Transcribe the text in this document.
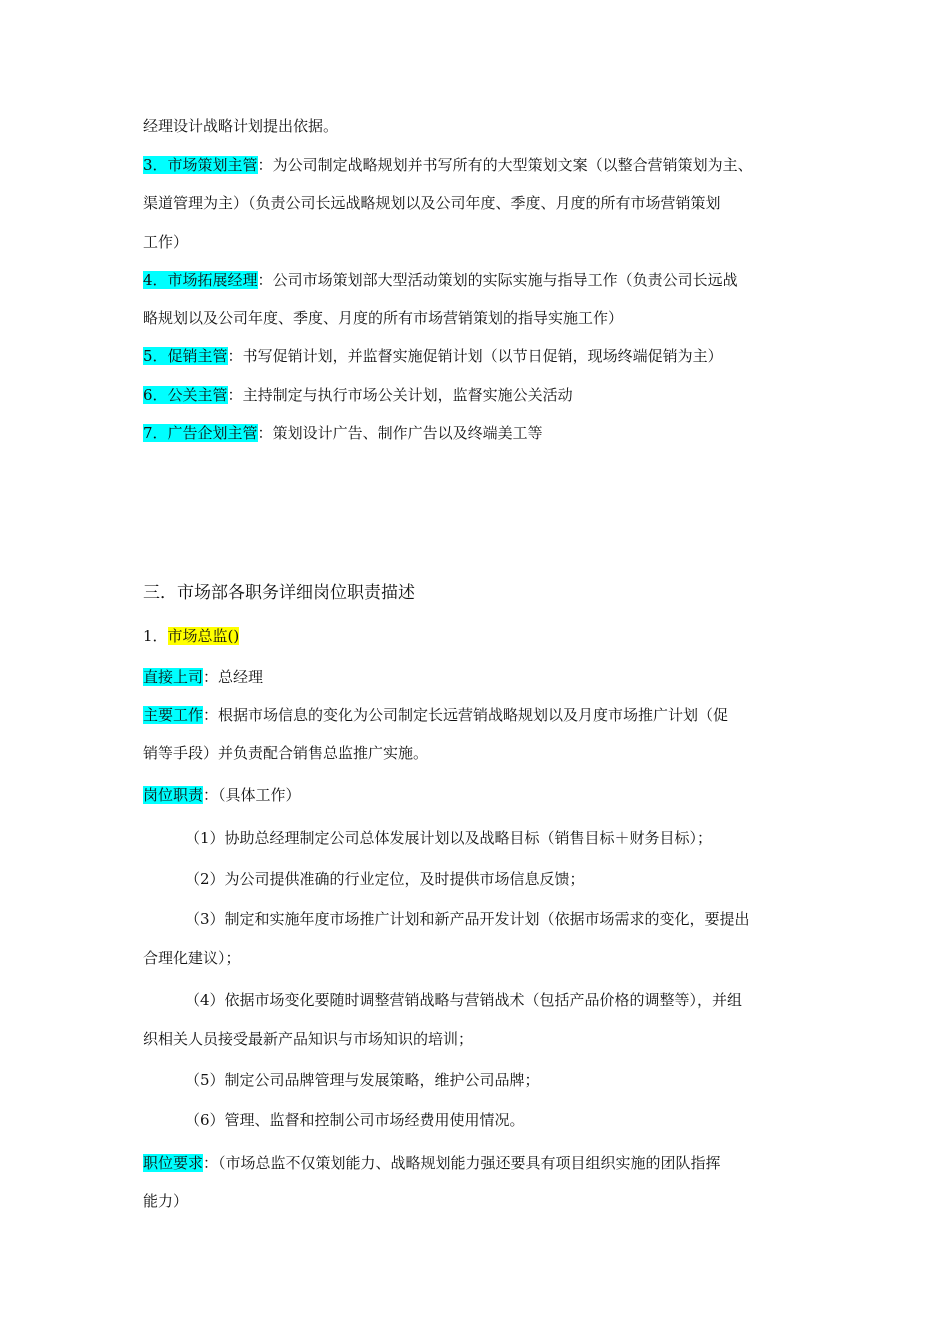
经理设计战略计划提出依据。
3．市场策划主管：为公司制定战略规划并书写所有的大型策划文案（以整合营销策划为主、
渠道管理为主）（负责公司长远战略规划以及公司年度、季度、月度的所有市场营销策划
工作）
4．市场拓展经理：公司市场策划部大型活动策划的实际实施与指导工作（负责公司长远战
略规划以及公司年度、季度、月度的所有市场营销策划的指导实施工作）
5．促销主管：书写促销计划，并监督实施促销计划（以节日促销，现场终端促销为主）
6．公关主管：主持制定与执行市场公关计划，监督实施公关活动
7．广告企划主管：策划设计广告、制作广告以及终端美工等
三．市场部各职务详细岗位职责描述
1．市场总监()
直接上司：总经理
主要工作：根据市场信息的变化为公司制定长远营销战略规划以及月度市场推广计划（促
销等手段）并负责配合销售总监推广实施。
岗位职责：（具体工作）
（1）协助总经理制定公司总体发展计划以及战略目标（销售目标＋财务目标）；
（2）为公司提供准确的行业定位，及时提供市场信息反馈；
（3）制定和实施年度市场推广计划和新产品开发计划（依据市场需求的变化，要提出
合理化建议）；
（4）依据市场变化要随时调整营销战略与营销战术（包括产品价格的调整等），并组
织相关人员接受最新产品知识与市场知识的培训；
（5）制定公司品牌管理与发展策略，维护公司品牌；
（6）管理、监督和控制公司市场经费用使用情况。
职位要求：（市场总监不仅策划能力、战略规划能力强还要具有项目组织实施的团队指挥
能力）
